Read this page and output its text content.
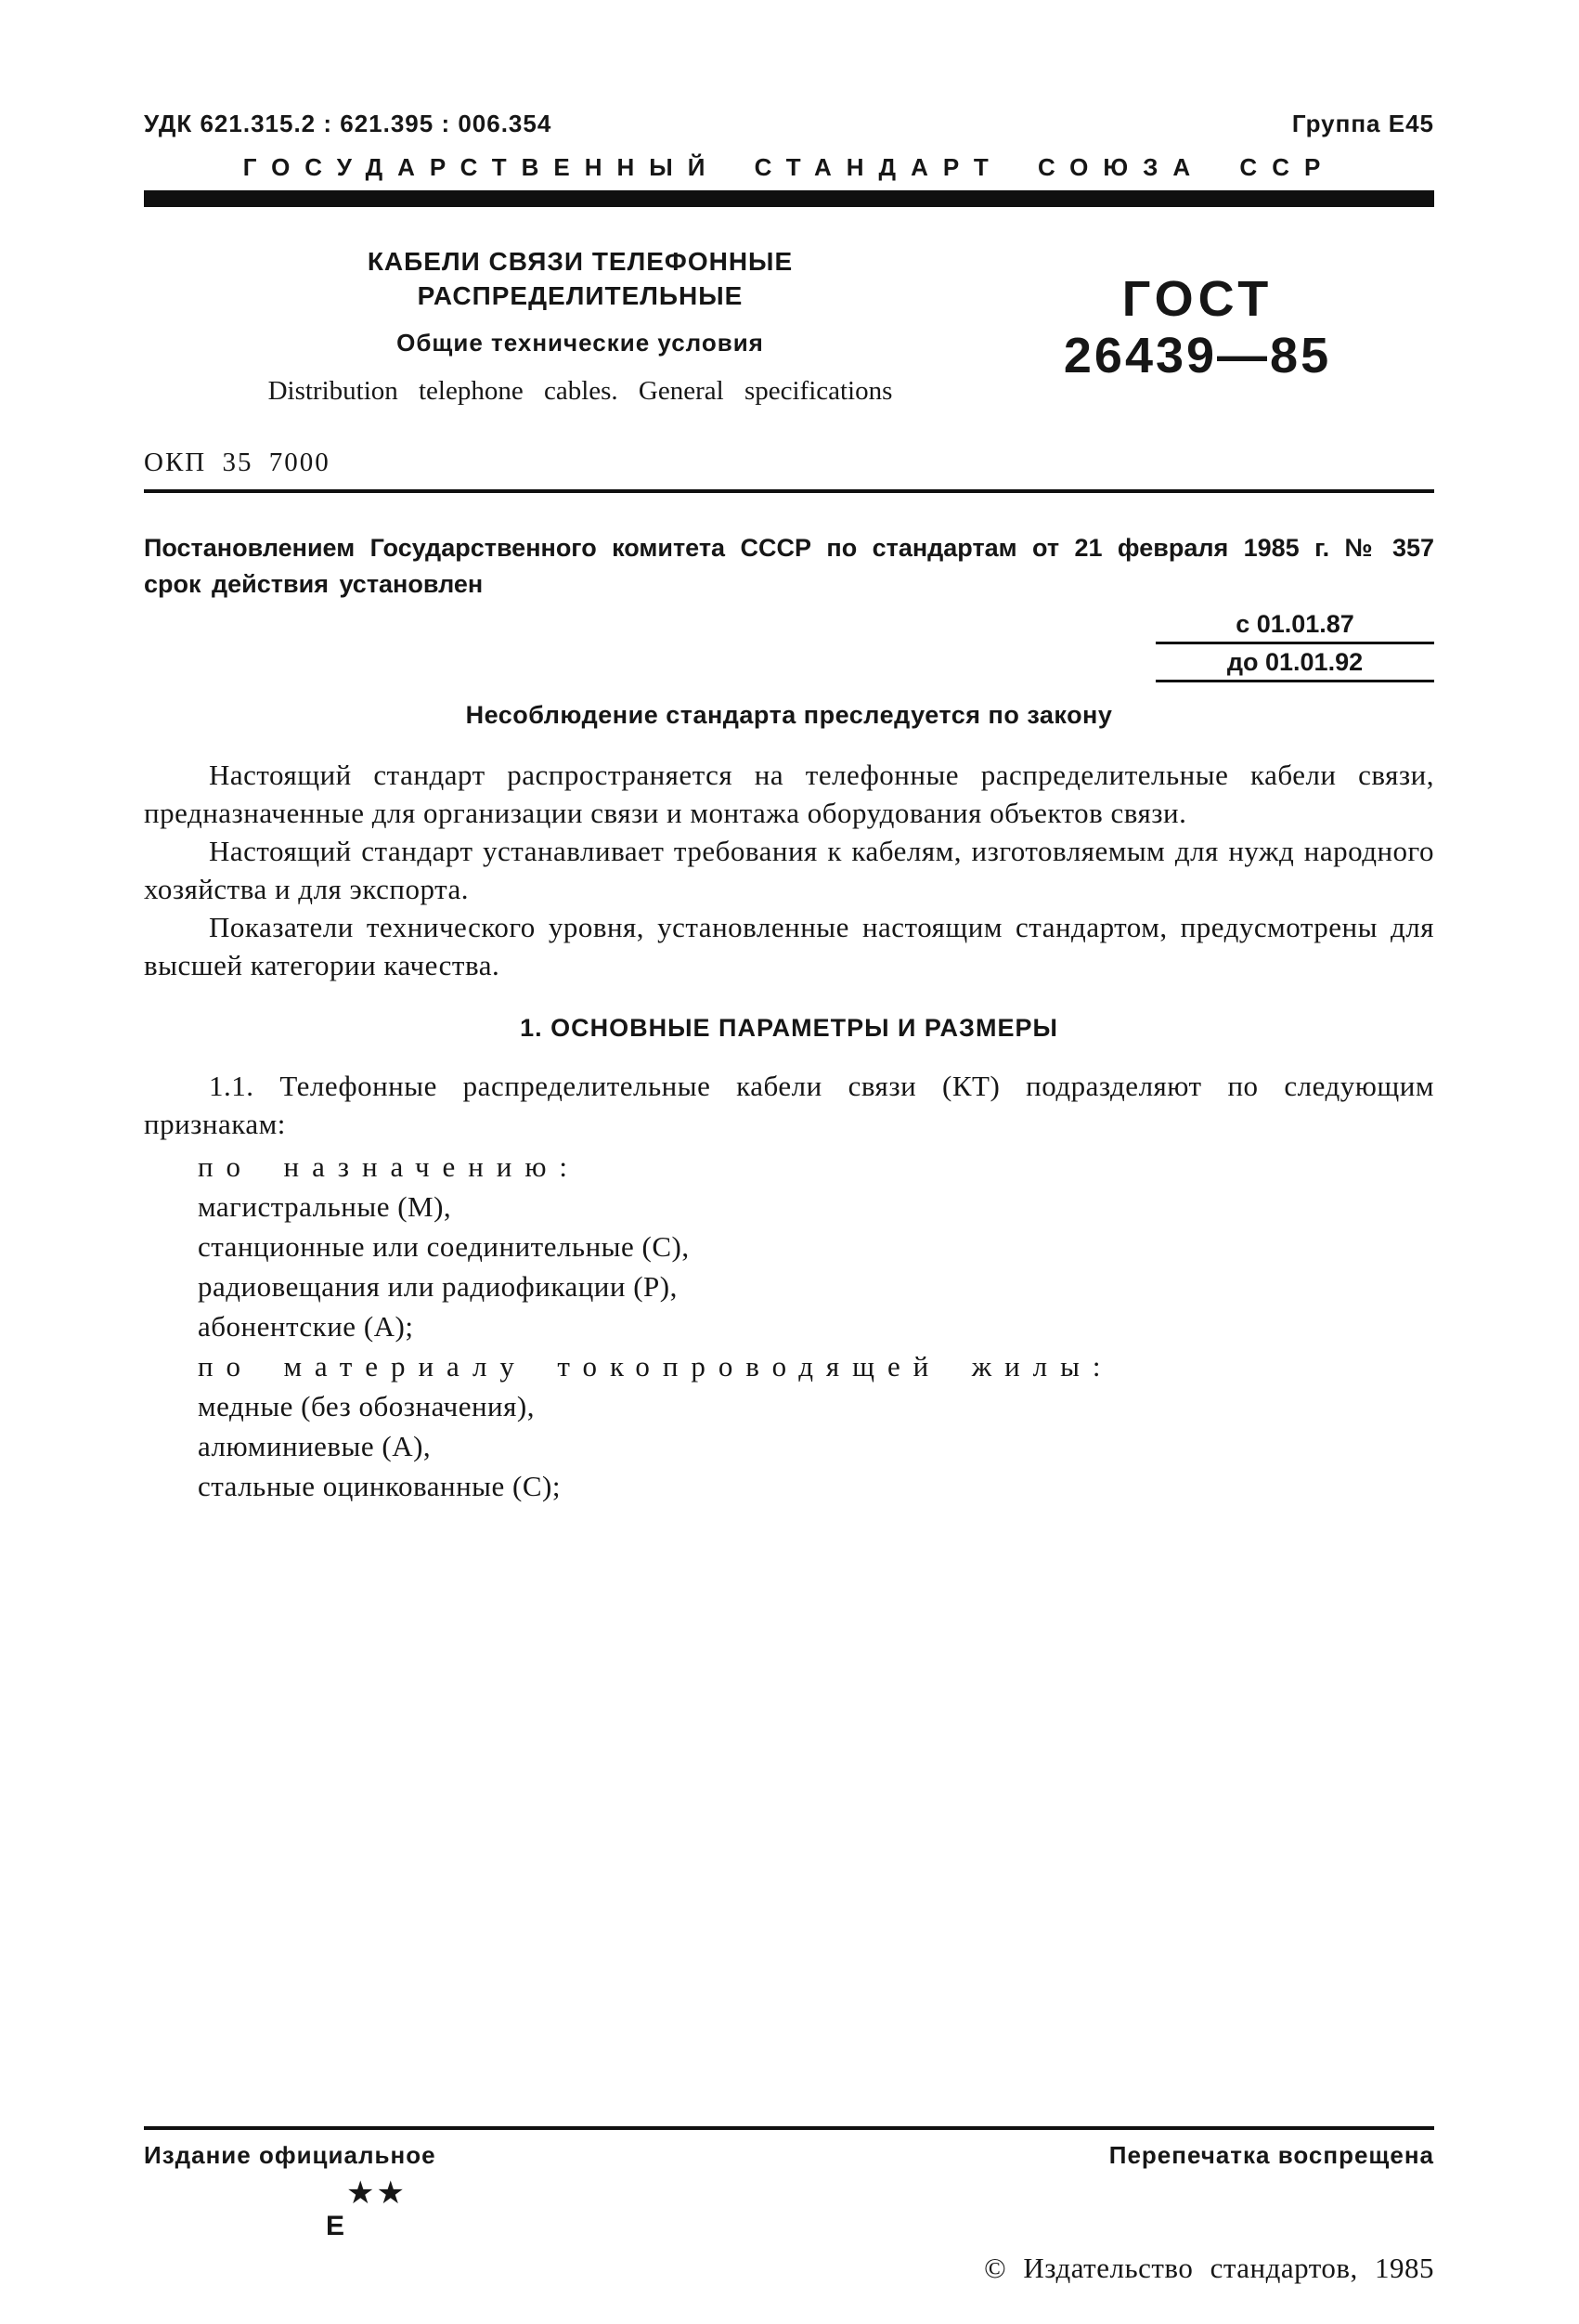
УДК 621.315.2 : 621.395 : 006.354	Группа Е45
ГОСУДАРСТВЕННЫЙ СТАНДАРТ СОЮЗА ССР
КАБЕЛИ СВЯЗИ ТЕЛЕФОННЫЕ
РАСПРЕДЕЛИТЕЛЬНЫЕ
Общие технические условия
Distribution telephone cables. General specifications
ГОСТ
26439—85
ОКП 35 7000

Постановлением Государственного комитета СССР по стандартам от 21 февраля 1985 г. № 357 срок действия установлен

с 01.01.87
до 01.01.92
Несоблюдение стандарта преследуется по закону

Настоящий стандарт распространяется на телефонные распределительные кабели связи, предназначенные для организации связи и монтажа оборудования объектов связи.

Настоящий стандарт устанавливает требования к кабелям, изготовляемым для нужд народного хозяйства и для экспорта.

Показатели технического уровня, установленные настоящим стандартом, предусмотрены для высшей категории качества.

1. ОСНОВНЫЕ ПАРАМЕТРЫ И РАЗМЕРЫ

1.1. Телефонные распределительные кабели связи (КТ) подразделяют по следующим признакам:

по назначению:
магистральные (М),
станционные или соединительные (С),
радиовещания или радиофикации (Р),
абонентские (А);
по материалу токопроводящей жилы:
медные (без обозначения),
алюминиевые (А),
стальные оцинкованные (С);
Издание официальное	Перепечатка воспрещена
★★
Е
© Издательство стандартов, 1985
